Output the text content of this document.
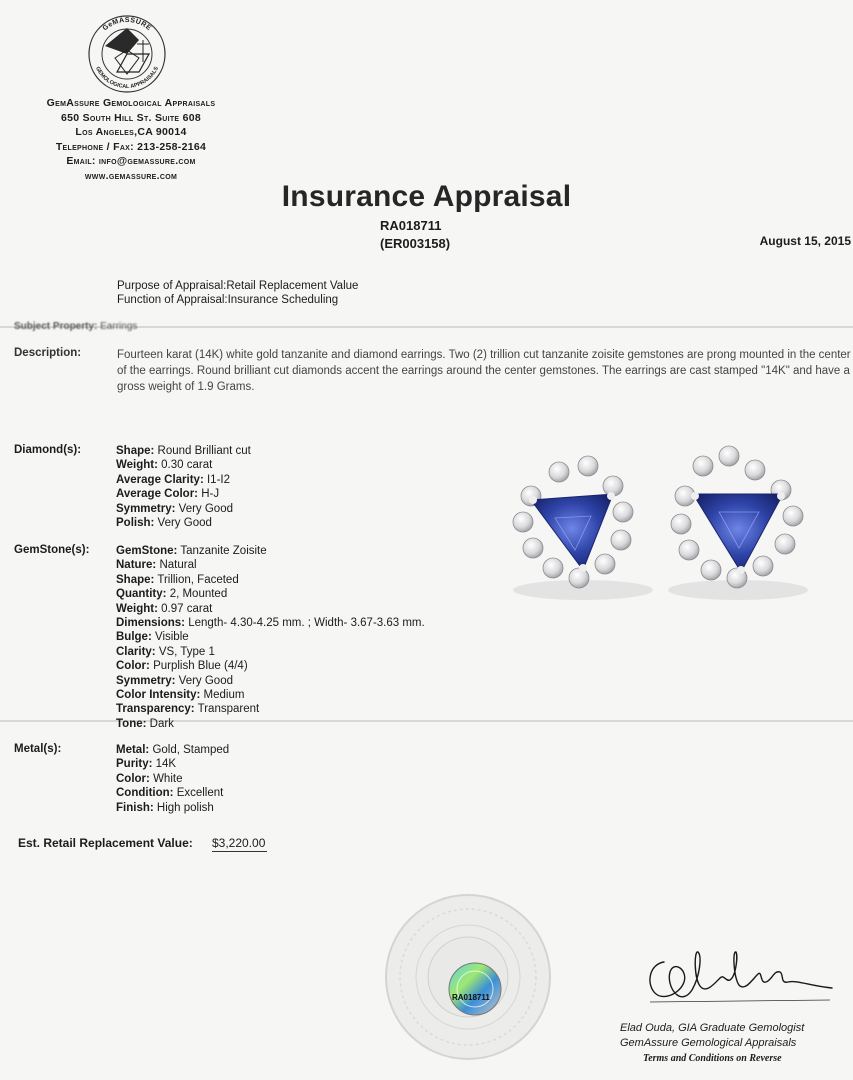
GeMASSURE
GEMOLOGICAL APPRAISALS
GemAssure Gemological Appraisals
650 South Hill St. Suite 608
Los Angeles,CA 90014
Telephone / Fax: 213-258-2164
Email: info@gemassure.com
www.gemassure.com
Insurance Appraisal
RA018711
(ER003158)	August 15, 2015
Purpose of Appraisal:Retail Replacement Value
Function of Appraisal:Insurance Scheduling
Subject Property: Earrings
Description:	Fourteen karat (14K) white gold tanzanite and diamond earrings. Two (2) trillion cut tanzanite zoisite gemstones are prong mounted in the center of the earrings. Round brilliant cut diamonds accent the earrings around the center gemstones. The earrings are cast stamped "14K" and have a gross weight of 1.9 Grams.
Diamond(s):	Shape: Round Brilliant cut
Weight: 0.30 carat
Average Clarity: I1-I2
Average Color: H-J
Symmetry: Very Good
Polish: Very Good
GemStone(s): GemStone: Tanzanite Zoisite
Nature: Natural
Shape: Trillion, Faceted
Quantity: 2, Mounted
Weight: 0.97 carat
Dimensions: Length- 4.30-4.25 mm. ; Width- 3.67-3.63 mm.
Bulge: Visible
Clarity: VS, Type 1
Color: Purplish Blue (4/4)
Symmetry: Very Good
Color Intensity: Medium
Transparency: Transparent
Tone: Dark
Metal(s):	Metal: Gold, Stamped
Purity: 14K
Color: White
Condition: Excellent
Finish: High polish
Est. Retail Replacement Value: $3,220.00
RA018711
Elad Ouda, GIA Graduate Gemologist
GemAssure Gemological Appraisals
Terms and Conditions on Reverse
